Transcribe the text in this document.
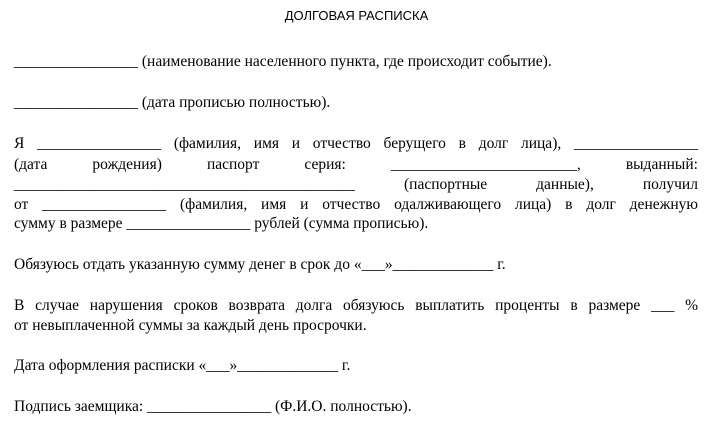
ДОЛГОВАЯ РАСПИСКА
________________ (наименование населенного пункта, где происходит событие).
________________ (дата прописью полностью).
Я ________________ (фамилия, имя и отчество берущего в долг лица), ________________
(дата	рождения)	паспорт	серия:	________________________,	выданный:
____________________________________________	(паспортные	данные),	получил
от ________________ (фамилия, имя и отчество одалживающего лица) в долг денежную
сумму в размере ________________ рублей (сумма прописью).
Обязуюсь отдать указанную сумму денег в срок до «___»_____________ г.
В случае нарушения сроков возврата долга обязуюсь выплатить проценты в размере ___ %
от невыплаченной суммы за каждый день просрочки.
Дата оформления расписки «___»_____________ г.
Подпись заемщика: ________________ (Ф.И.О. полностью).
